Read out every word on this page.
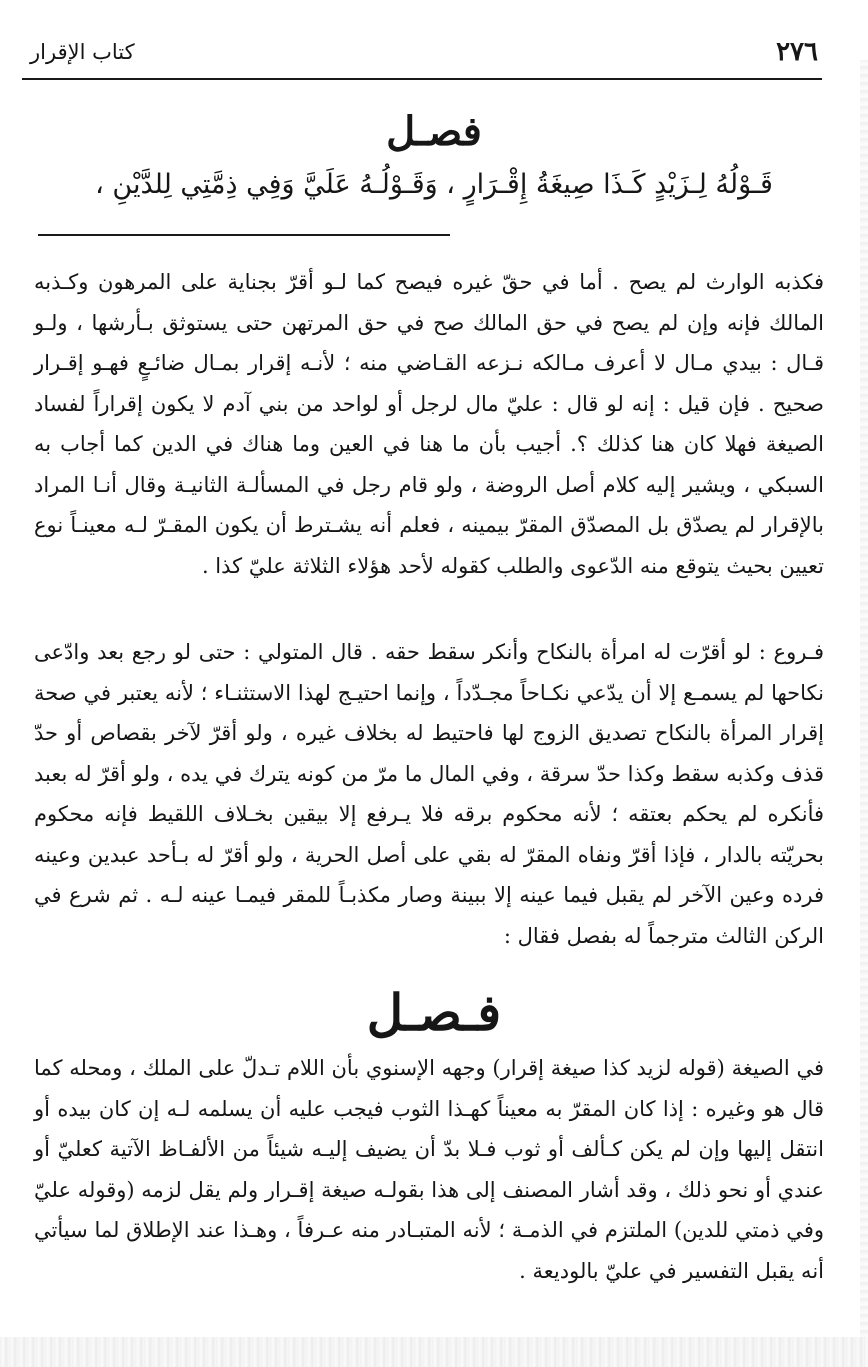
٢٧٦
كتاب الإقرار
فصـل
قَـوْلُهُ لِـزَيْدٍ كَـذَا صِيغَةُ إِقْـرَارٍ ، وَقَـوْلُـهُ عَلَيَّ وَفِي ذِمَّتِي لِلدَّيْنِ ،

فكذبه الوارث لم يصح . أما في حقّ غيره فيصح كما لـو أقرّ بجناية على المرهون وكـذبه المالك فإنه وإن لم يصح في حق المالك صح في حق المرتهن حتى يستوثق بـأرشها ، ولـو قـال : بيدي مـال لا أعرف مـالكه نـزعه القـاضي منه ؛ لأنـه إقرار بمـال ضائـعٍ فهـو إقـرار صحيح . فإن قيل : إنه لو قال : عليّ مال لرجل أو لواحد من بني آدم لا يكون إقراراً لفساد الصيغة فهلا كان هنا كذلك ؟. أجيب بأن ما هنا في العين وما هناك في الدين كما أجاب به السبكي ، ويشير إليه كلام أصل الروضة ، ولو قام رجل في المسألـة الثانيـة وقال أنـا المراد بالإقرار لم يصدّق بل المصدّق المقرّ بيمينه ، فعلم أنه يشـترط أن يكون المقـرّ لـه معينـاً نوع تعيين بحيث يتوقع منه الدّعوى والطلب كقوله لأحد هؤلاء الثلاثة عليّ كذا .

فـروع : لو أقرّت له امرأة بالنكاح وأنكر سقط حقه . قال المتولي : حتى لو رجع بعد وادّعى نكاحها لم يسمـع إلا أن يدّعي نكـاحاً مجـدّداً ، وإنما احتيـج لهذا الاستثنـاء ؛ لأنه يعتبر في صحة إقرار المرأة بالنكاح تصديق الزوج لها فاحتيط له بخلاف غيره ، ولو أقرّ لآخر بقصاص أو حدّ قذف وكذبه سقط وكذا حدّ سرقة ، وفي المال ما مرّ من كونه يترك في يده ، ولو أقرّ له بعبد فأنكره لم يحكم بعتقه ؛ لأنه محكوم برقه فلا يـرفع إلا بيقين بخـلاف اللقيط فإنه محكوم بحريّته بالدار ، فإذا أقرّ ونفاه المقرّ له بقي على أصل الحرية ، ولو أقرّ له بـأحد عبدين وعينه فرده وعين الآخر لم يقبل فيما عينه إلا ببينة وصار مكذبـاً للمقر فيمـا عينه لـه . ثم شرع في الركن الثالث مترجماً له بفصل فقال :

فـصـل

في الصيغة (قوله لزيد كذا صيغة إقرار) وجهه الإسنوي بأن اللام تـدلّ على الملك ، ومحله كما قال هو وغيره : إذا كان المقرّ به معيناً كهـذا الثوب فيجب عليه أن يسلمه لـه إن كان بيده أو انتقل إليها وإن لم يكن كـألف أو ثوب فـلا بدّ أن يضيف إليـه شيئاً من الألفـاظ الآتية كعليّ أو عندي أو نحو ذلك ، وقد أشار المصنف إلى هذا بقولـه صيغة إقـرار ولم يقل لزمه (وقوله عليّ وفي ذمتي للدين) الملتزم في الذمـة ؛ لأنه المتبـادر منه عـرفاً ، وهـذا عند الإطلاق لما سيأتي أنه يقبل التفسير في عليّ بالوديعة .
